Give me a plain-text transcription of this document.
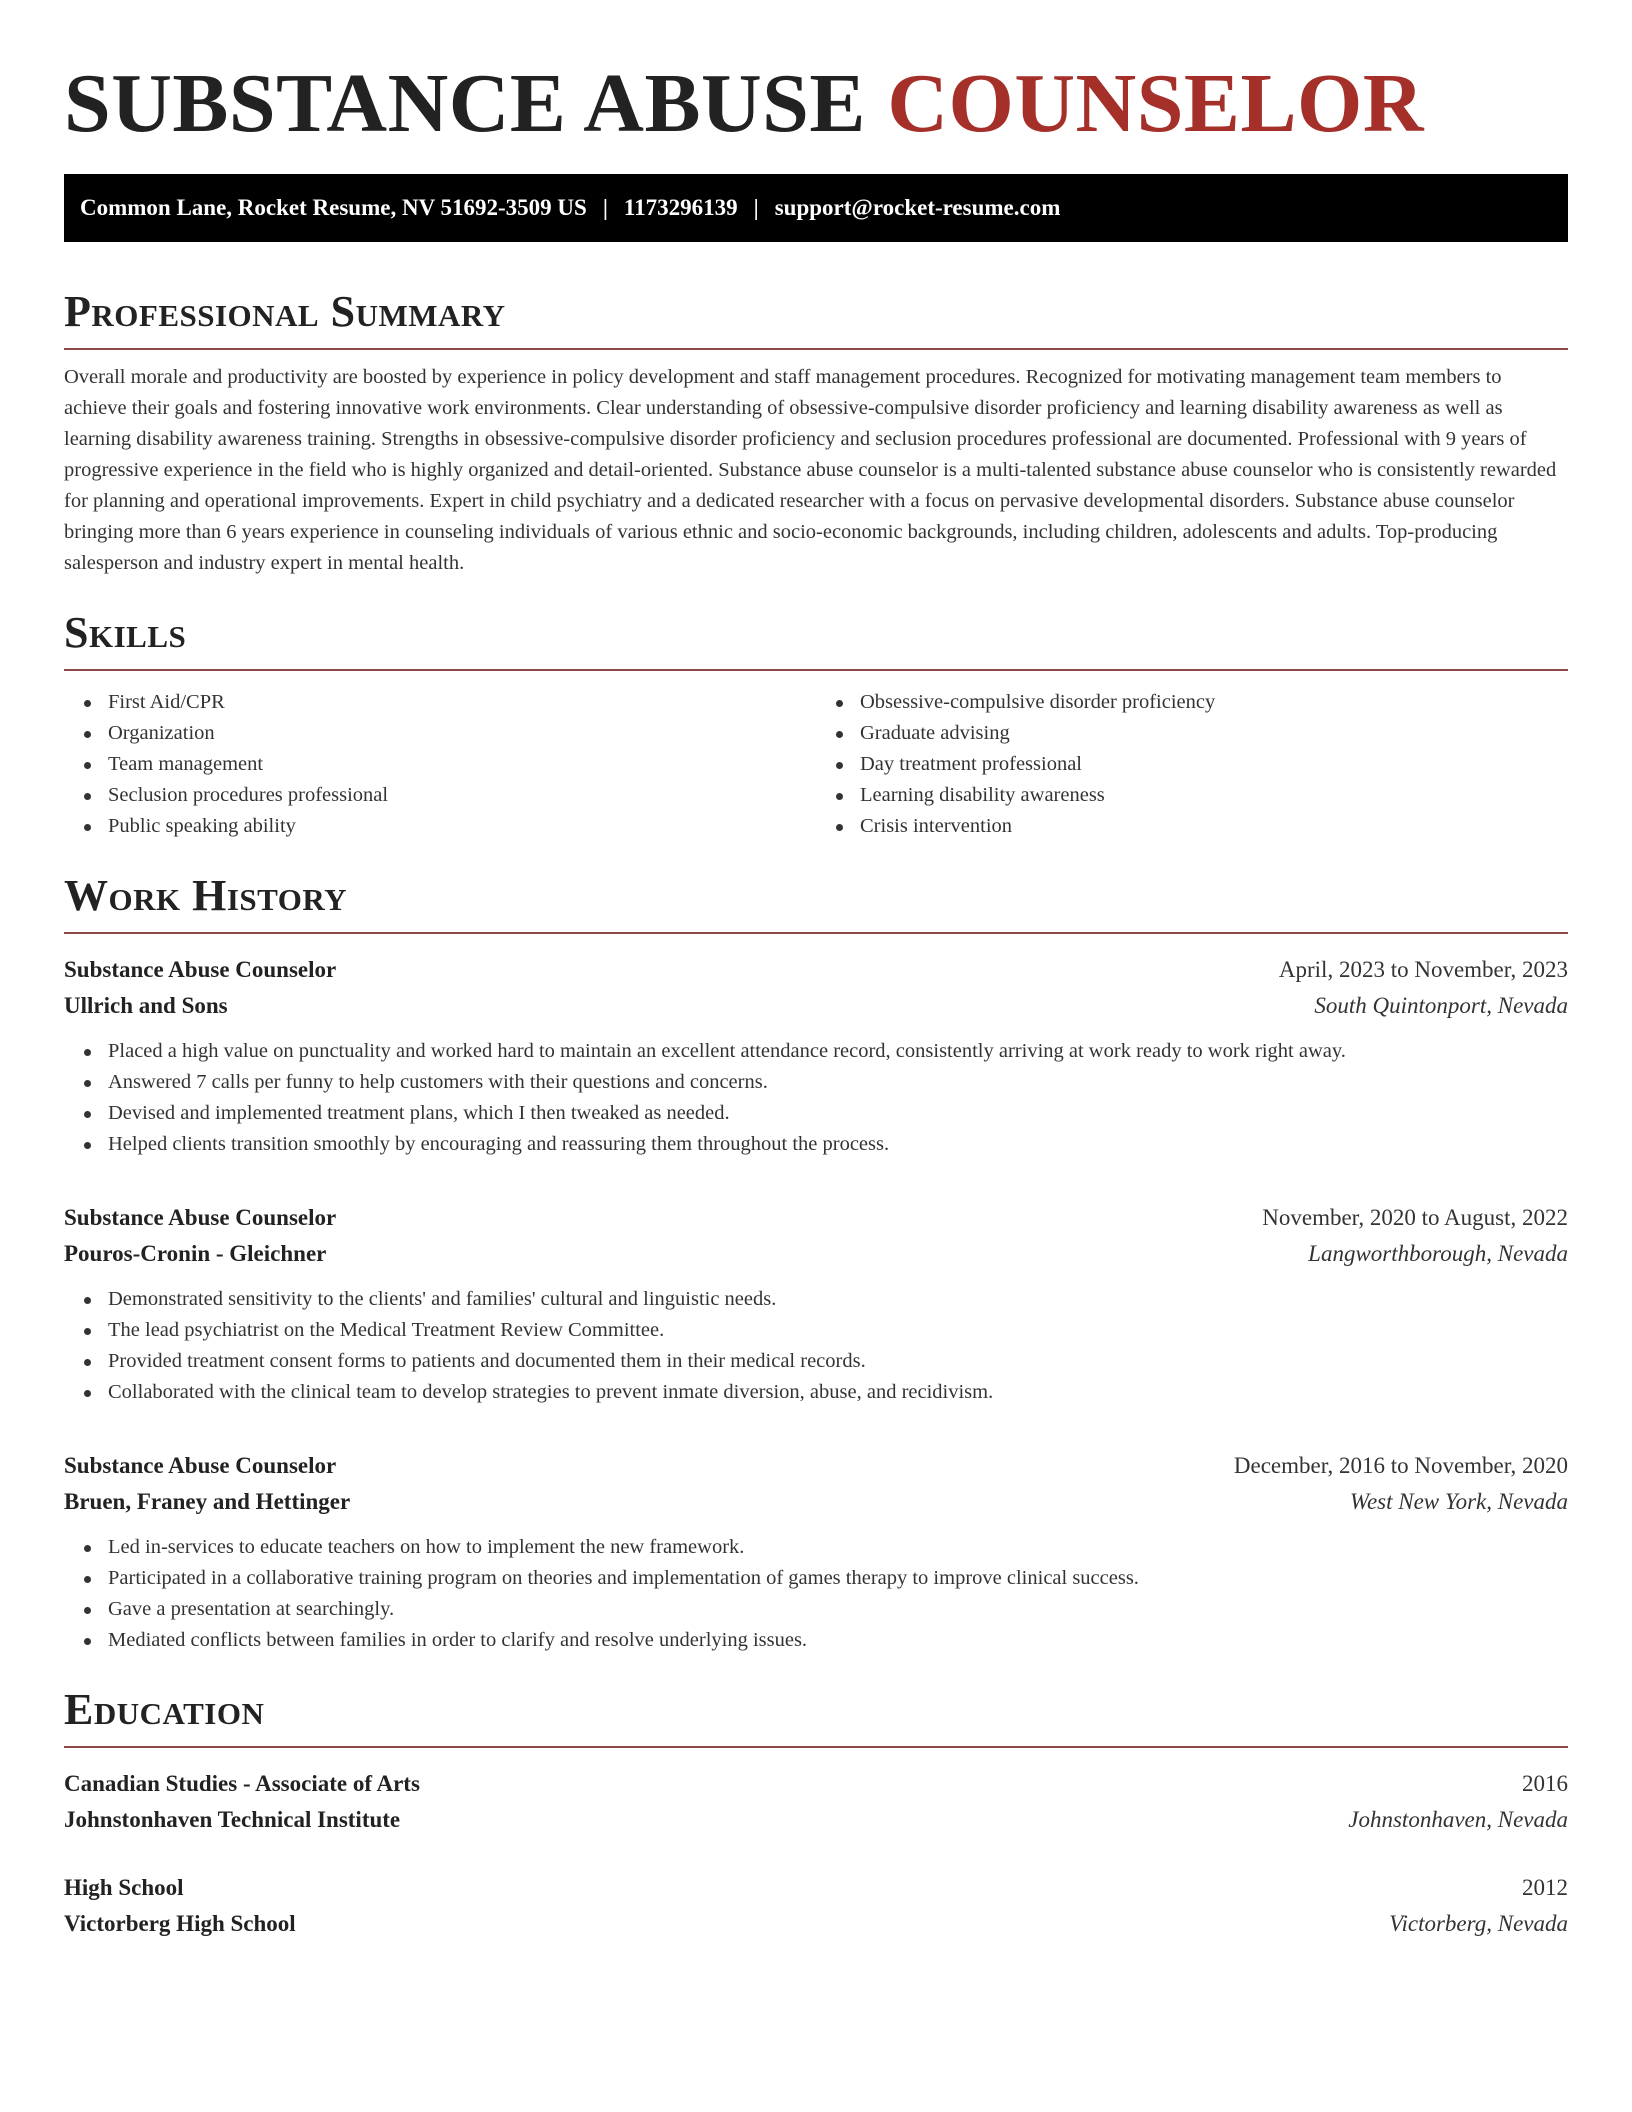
SUBSTANCE ABUSE COUNSELOR
Common Lane, Rocket Resume, NV 51692-3509 US | 1173296139 | support@rocket-resume.com
Professional Summary

Overall morale and productivity are boosted by experience in policy development and staff management procedures. Recognized for motivating management team members to achieve their goals and fostering innovative work environments. Clear understanding of obsessive-compulsive disorder proficiency and learning disability awareness as well as learning disability awareness training. Strengths in obsessive-compulsive disorder proficiency and seclusion procedures professional are documented. Professional with 9 years of progressive experience in the field who is highly organized and detail-oriented. Substance abuse counselor is a multi-talented substance abuse counselor who is consistently rewarded for planning and operational improvements. Expert in child psychiatry and a dedicated researcher with a focus on pervasive developmental disorders. Substance abuse counselor bringing more than 6 years experience in counseling individuals of various ethnic and socio-economic backgrounds, including children, adolescents and adults. Top-producing salesperson and industry expert in mental health.

Skills
First Aid/CPR
Organization
Team management
Seclusion procedures professional
Public speaking ability
Obsessive-compulsive disorder proficiency
Graduate advising
Day treatment professional
Learning disability awareness
Crisis intervention
Work History
Substance Abuse Counselor	April, 2023 to November, 2023
Ullrich and Sons	South Quintonport, Nevada
Placed a high value on punctuality and worked hard to maintain an excellent attendance record, consistently arriving at work ready to work right away.
Answered 7 calls per funny to help customers with their questions and concerns.
Devised and implemented treatment plans, which I then tweaked as needed.
Helped clients transition smoothly by encouraging and reassuring them throughout the process.
Substance Abuse Counselor	November, 2020 to August, 2022
Pouros-Cronin - Gleichner	Langworthborough, Nevada
Demonstrated sensitivity to the clients' and families' cultural and linguistic needs.
The lead psychiatrist on the Medical Treatment Review Committee.
Provided treatment consent forms to patients and documented them in their medical records.
Collaborated with the clinical team to develop strategies to prevent inmate diversion, abuse, and recidivism.
Substance Abuse Counselor	December, 2016 to November, 2020
Bruen, Franey and Hettinger	West New York, Nevada
Led in-services to educate teachers on how to implement the new framework.
Participated in a collaborative training program on theories and implementation of games therapy to improve clinical success.
Gave a presentation at searchingly.
Mediated conflicts between families in order to clarify and resolve underlying issues.
Education
Canadian Studies - Associate of Arts	2016
Johnstonhaven Technical Institute	Johnstonhaven, Nevada
High School	2012
Victorberg High School	Victorberg, Nevada
